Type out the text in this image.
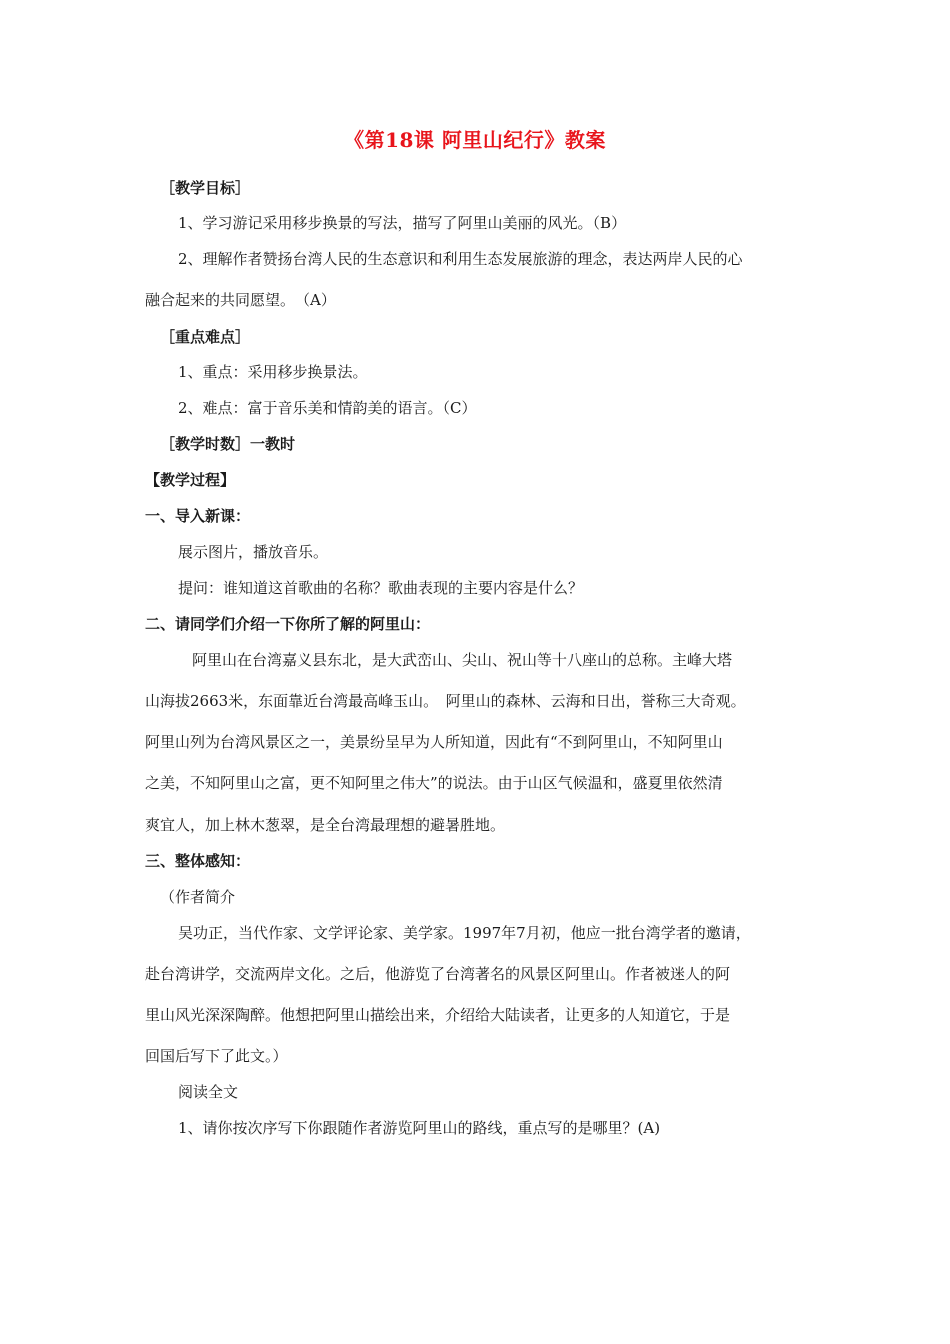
《第18课 阿里山纪行》教案
［教学目标］
1、学习游记采用移步换景的写法，描写了阿里山美丽的风光。（B）
2、理解作者赞扬台湾人民的生态意识和利用生态发展旅游的理念，表达两岸人民的心
融合起来的共同愿望。　（A）
［重点难点］
1、重点：采用移步换景法。
2、难点：富于音乐美和情韵美的语言。（C）
［教学时数］一教时
【教学过程】
一、导入新课：
展示图片，播放音乐。
提问：谁知道这首歌曲的名称？歌曲表现的主要内容是什么？
二、请同学们介绍一下你所了解的阿里山：
阿里山在台湾嘉义县东北，是大武峦山、尖山、祝山等十八座山的总称。主峰大塔
山海拔2663米，东面靠近台湾最高峰玉山。　阿里山的森林、云海和日出，誉称三大奇观。
阿里山列为台湾风景区之一，美景纷呈早为人所知道，因此有“不到阿里山，不知阿里山
之美，不知阿里山之富，更不知阿里之伟大”的说法。由于山区气候温和，盛夏里依然清
爽宜人，加上林木葱翠，是全台湾最理想的避暑胜地。
三、整体感知：
（作者简介
吴功正，当代作家、文学评论家、美学家。1997年7月初，他应一批台湾学者的邀请，
赴台湾讲学，交流两岸文化。之后，他游览了台湾著名的风景区阿里山。作者被迷人的阿
里山风光深深陶醉。他想把阿里山描绘出来，介绍给大陆读者，让更多的人知道它，于是
回国后写下了此文。）
阅读全文
1、请你按次序写下你跟随作者游览阿里山的路线，重点写的是哪里？(A)
